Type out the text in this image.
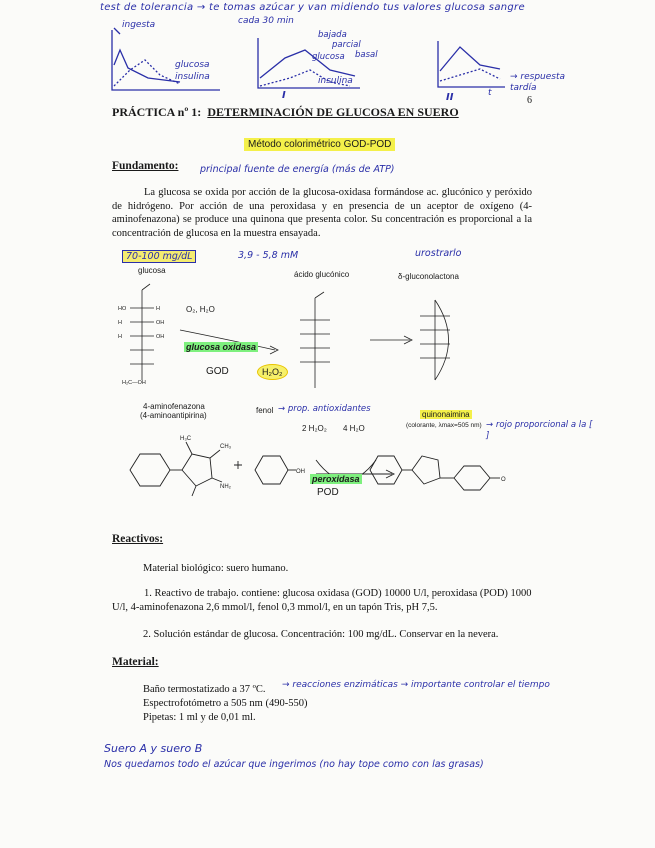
test de tolerancia → te tomas azúcar y van midiendo tus valores glucosa sangre
cada 30 min
ingesta
glucosa
insulina
bajada
parcial
glucosa basal
insulina
I	II	t
→ respuesta tardía
6
PRÁCTICA nº 1: DETERMINACIÓN DE GLUCOSA EN SUERO
Método colorimétrico GOD-POD
Fundamento: principal fuente de energía (más de ATP)
La glucosa se oxida por acción de la glucosa-oxidasa formándose ac. glucónico y peróxido de hidrógeno. Por acción de una peroxidasa y en presencia de un aceptor de oxígeno (4-aminofenazona) se produce una quinona que presenta color. Su concentración es proporcional a la concentración de glucosa en la muestra ensayada.
70-100 mg/dL	3,9 - 5,8 mM	urostrarlo
glucosa	ácido glucónico	δ-gluconolactona
HO	H
H	OH
H	OH
H₂C—OH
O₂, H₂O
glucosa oxidasa
GOD	H₂O₂
4-aminofenazona
(4-aminoantipirina)
fenol → prop. antioxidantes
quinonaimina
(colorante, λmax=505 nm) → rojo proporcional a la [ ]
2 H₂O₂ 4 H₂O
H₃C
CH₃
NH₂
OH
O
peroxidasa
POD
Reactivos:
Material biológico: suero humano.
1. Reactivo de trabajo. contiene: glucosa oxidasa (GOD) 10000 U/l, peroxidasa (POD) 1000 U/l, 4-aminofenazona 2,6 mmol/l, fenol 0,3 mmol/l, en un tapón Tris, pH 7,5.
2. Solución estándar de glucosa. Concentración: 100 mg/dL. Conservar en la nevera.
Material:
Baño termostatizado a 37 ºC. → reacciones enzimáticas → importante controlar el tiempo
Espectrofotómetro a 505 nm (490-550)
Pipetas: 1 ml y de 0,01 ml.
Suero A y suero B
Nos quedamos todo el azúcar que ingerimos (no hay tope como con las grasas)
